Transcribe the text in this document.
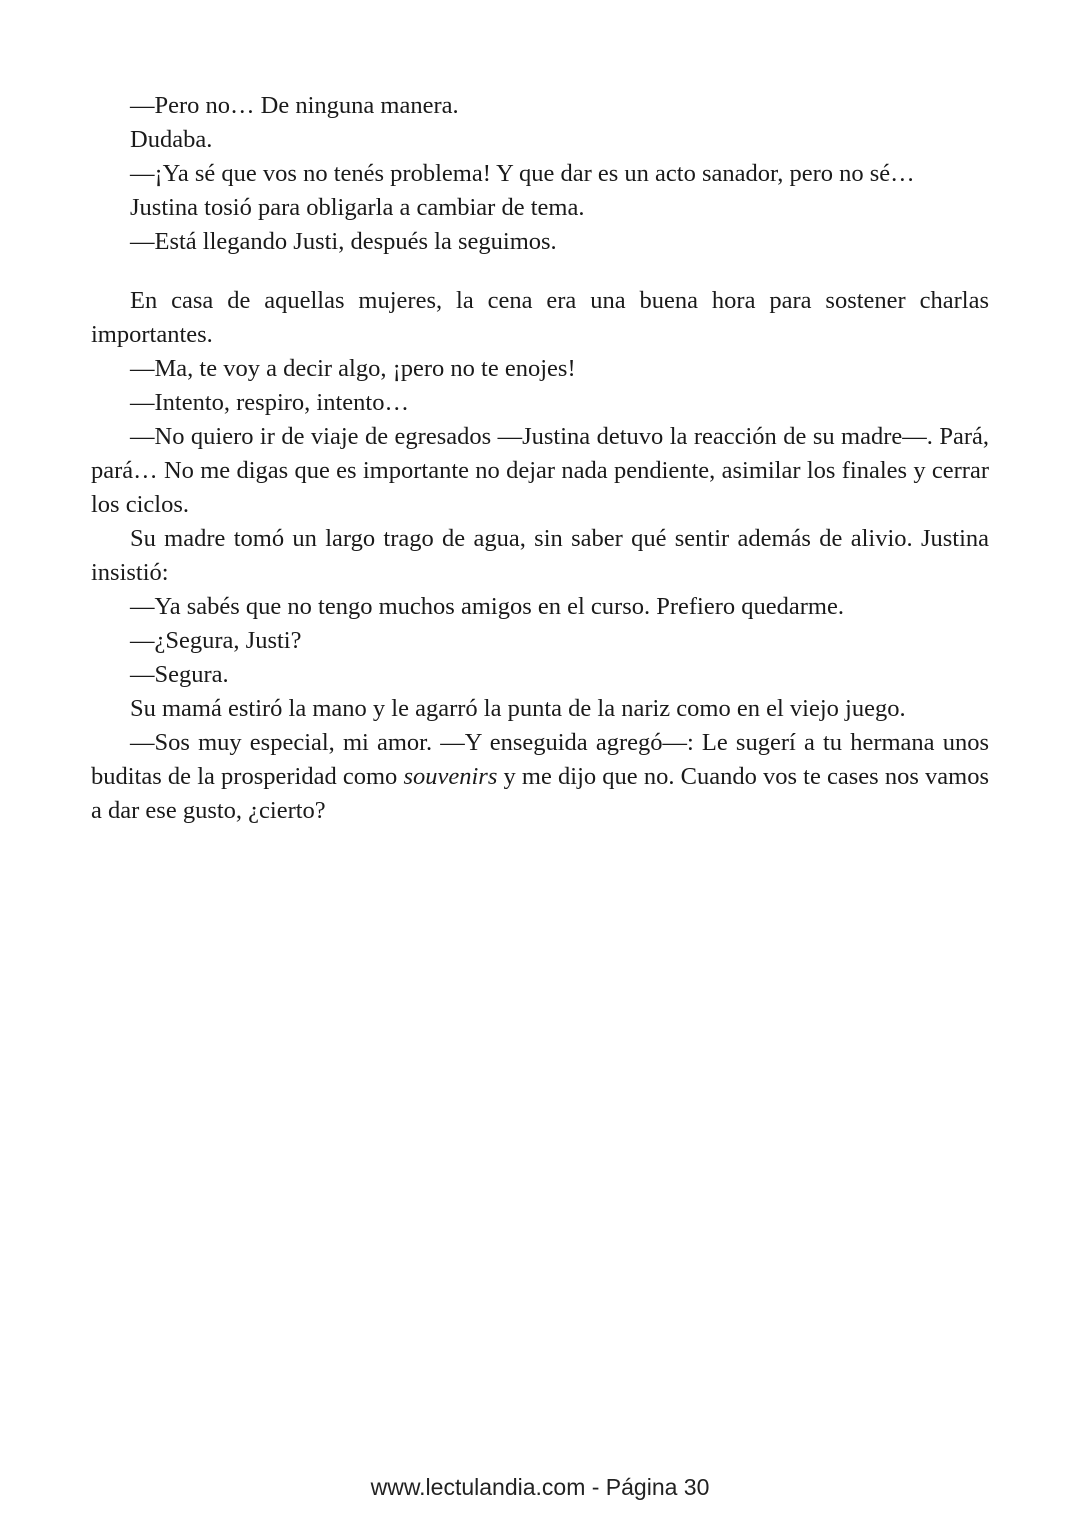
—Pero no… De ninguna manera.

Dudaba.

—¡Ya sé que vos no tenés problema! Y que dar es un acto sanador, pero no sé…

Justina tosió para obligarla a cambiar de tema.

—Está llegando Justi, después la seguimos.

En casa de aquellas mujeres, la cena era una buena hora para sostener charlas importantes.

—Ma, te voy a decir algo, ¡pero no te enojes!

—Intento, respiro, intento…

—No quiero ir de viaje de egresados —Justina detuvo la reacción de su madre—. Pará, pará… No me digas que es importante no dejar nada pendiente, asimilar los finales y cerrar los ciclos.

Su madre tomó un largo trago de agua, sin saber qué sentir además de alivio. Justina insistió:

—Ya sabés que no tengo muchos amigos en el curso. Prefiero quedarme.

—¿Segura, Justi?

—Segura.

Su mamá estiró la mano y le agarró la punta de la nariz como en el viejo juego.

—Sos muy especial, mi amor. —Y enseguida agregó—: Le sugerí a tu hermana unos buditas de la prosperidad como souvenirs y me dijo que no. Cuando vos te cases nos vamos a dar ese gusto, ¿cierto?

www.lectulandia.com - Página 30
